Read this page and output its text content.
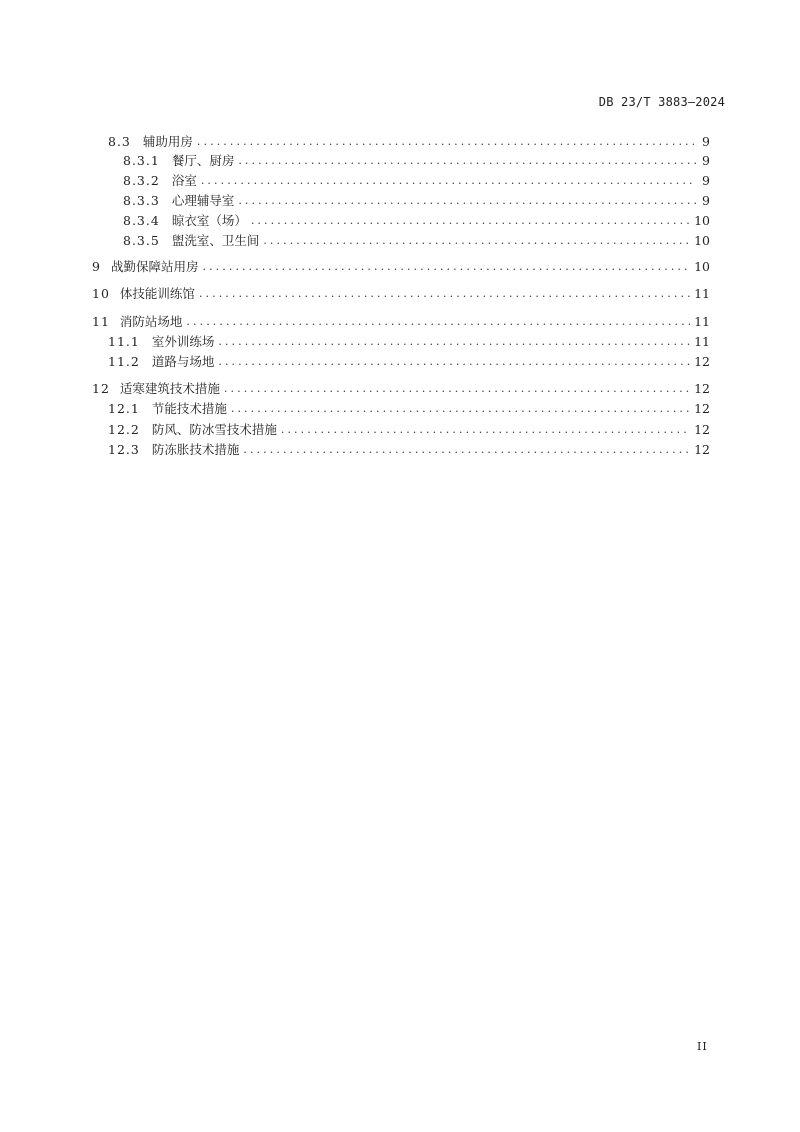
DB 23/T 3883—2024
8.3 辅助用房 .....	9
8.3.1 餐厅、厨房 .....	9
8.3.2 浴室 .....	9
8.3.3 心理辅导室 .....	9
8.3.4 晾衣室（场） .....	10
8.3.5 盥洗室、卫生间 .....	10
9 战勤保障站用房 .....	10
10 体技能训练馆 .....	11
11 消防站场地 .....	11
11.1 室外训练场 .....	11
11.2 道路与场地 .....	12
12 适寒建筑技术措施 .....	12
12.1 节能技术措施 .....	12
12.2 防风、防冰雪技术措施 .....	12
12.3 防冻胀技术措施 .....	12
II
